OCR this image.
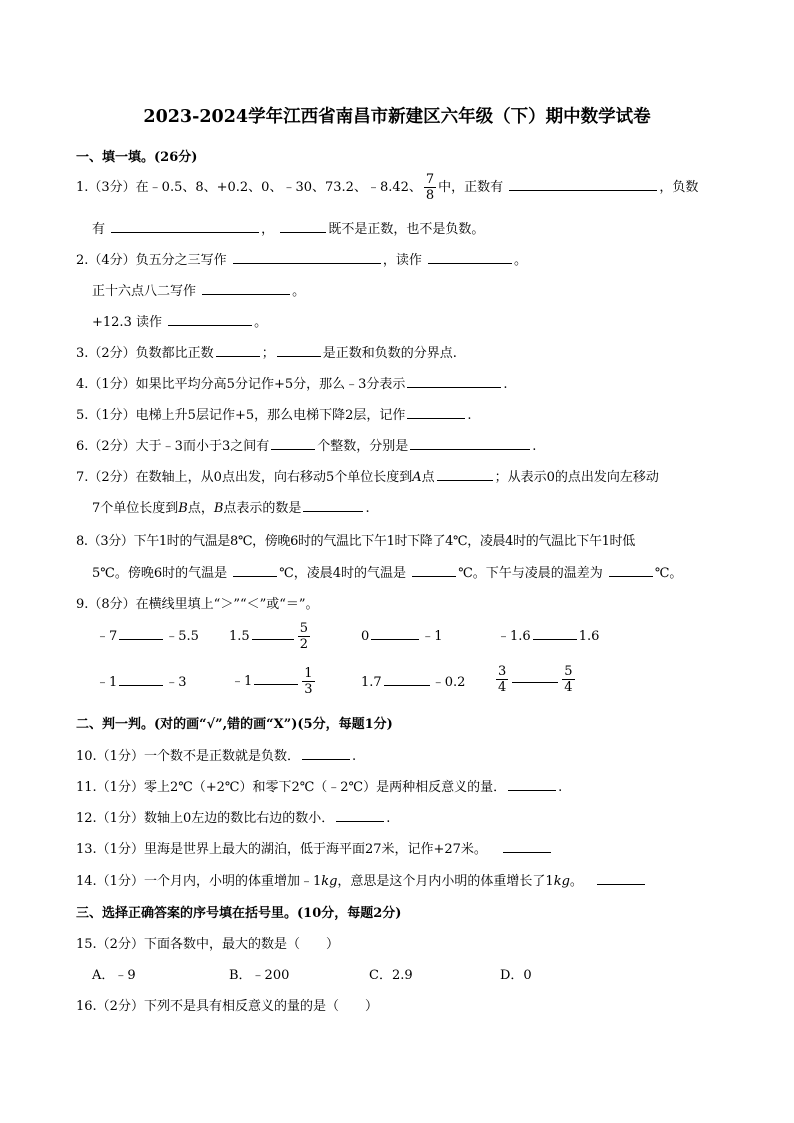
2023-2024学年江西省南昌市新建区六年级（下）期中数学试卷
一、填一填。(26分)
1.（3分）在﹣0.5、8、+0.2、0、﹣30、73.2、﹣8.42、 $\frac{7}{8}$ 中，正数有	，负数
有	，	既不是正数，也不是负数。
2.（4分）负五分之三写作	，读作	。
正十六点八二写作	。
+12.3 读作	。
3.（2分）负数都比正数	；	是正数和负数的分界点.
4.（1分）如果比平均分高5分记作+5分，那么﹣3分表示	.
5.（1分）电梯上升5层记作+5，那么电梯下降2层，记作	.
6.（2分）大于﹣3而小于3之间有	个整数，分别是	.
7.（2分）在数轴上，从0点出发，向右移动5个单位长度到A点	；从表示0的点出发向左移动
7个单位长度到B点，B点表示的数是	.
8.（3分）下午1时的气温是8℃，傍晚6时的气温比下午1时下降了4℃，凌晨4时的气温比下午1时低
5℃。傍晚6时的气温是	℃，凌晨4时的气温是	℃。下午与凌晨的温差为	℃。
9.（8分）在横线里填上“＞”“＜”或“＝”。
﹣7	﹣5.5 1.5	$\frac{5}{2}$	0	﹣1	﹣1.6	1.6
﹣1	﹣3	﹣1	$\frac{1}{3}$	1.7	﹣0.2 $\frac{3}{4}$	$\frac{5}{4}$
二、判一判。(对的画“√”,错的画“X”)(5分，每题1分)
10.（1分）一个数不是正数就是负数．	.
11.（1分）零上2℃（+2℃）和零下2℃（﹣2℃）是两种相反意义的量．	.
12.（1分）数轴上0左边的数比右边的数小．	.
13.（1分）里海是世界上最大的湖泊，低于海平面27米，记作+27米。
14.（1分）一个月内，小明的体重增加﹣1kg，意思是这个月内小明的体重增长了1kg。
三、选择正确答案的序号填在括号里。(10分，每题2分)
15.（2分）下面各数中，最大的数是（　　）
A．﹣9	B．﹣200	C．2.9	D．0
16.（2分）下列不是具有相反意义的量的是（　　）
